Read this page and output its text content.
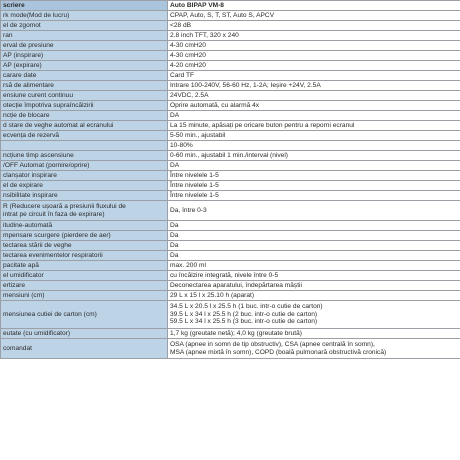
scriere	Auto BIPAP VM-8

rk mode(Mod de lucru)	CPAP, Auto, S, T, ST, Auto S, APCV

el de zgomot	<28 dB

ran	2.8 inch TFT, 320 x 240

erval de presiune	4-30 cmH20

AP (inspirare)	4-30 cmH20

AP (expirare)	4-20 cmH20

carare date	Card TF

rsă de alimentare	Intrare 100-240V, 56-60 Hz, 1-2A; Ieșire +24V, 2.5A

ensiune curent continuu	24VDC, 2.5A

otecție împotriva supraîncălzirii	Oprire automată, cu alarmă 4x

ncție de blocare	DA

d stare de veghe automat al ecranului	La 15 minute, apăsați pe oricare buton pentru a reporni ecranul

ecvența de rezervă	5-50 min., ajustabil

	10-80%

ncțiune timp ascensiune	0-60 min., ajustabil 1 min./interval (nivel)

/OFF Automat (pornire/oprire)	DA

clanșator inspirare	Între nivelele 1-5

el de expirare	Între nivelele 1-5

nsibilitate inspirare	Între nivelele 1-5

R (Reducere ușoară a presiunii fluxului de
intrat pe circuit în faza de expirare)	Da, între 0-3

itudine-automată	Da

mpensare scurgere (pierdere de aer)	Da

tectarea stării de veghe	Da

tectarea evenimentelor respiratorii	Da

pacitate apă	max. 200 ml

el umidificator	cu încălzire integrată, nivele între 0-5

ertizare	Deconectarea aparatului, îndepărtarea măștii

mensiuni (cm)	29 L x 15 l x 25.10 h (aparat)

mensiunea cutiei de carton (cm)	34.5 L x 20.5 l x 25.5 h (1 buc. intr-o cutie de carton)
39.5 L x 34 l x 25.5 h (2 buc. intr-o cutie de carton)
59.5 L x 34 l x 25.5 h (3 buc. intr-o cutie de carton)

eutate (cu umidificator)	1,7 kg (greutate netă); 4,0 kg (greutate brută)

comandat	OSA (apnee in somn de tip obstructiv), CSA (apnee centrală în somn),
MSA (apnee mixtă în somn), COPD (boală pulmonară obstructivă cronică)
